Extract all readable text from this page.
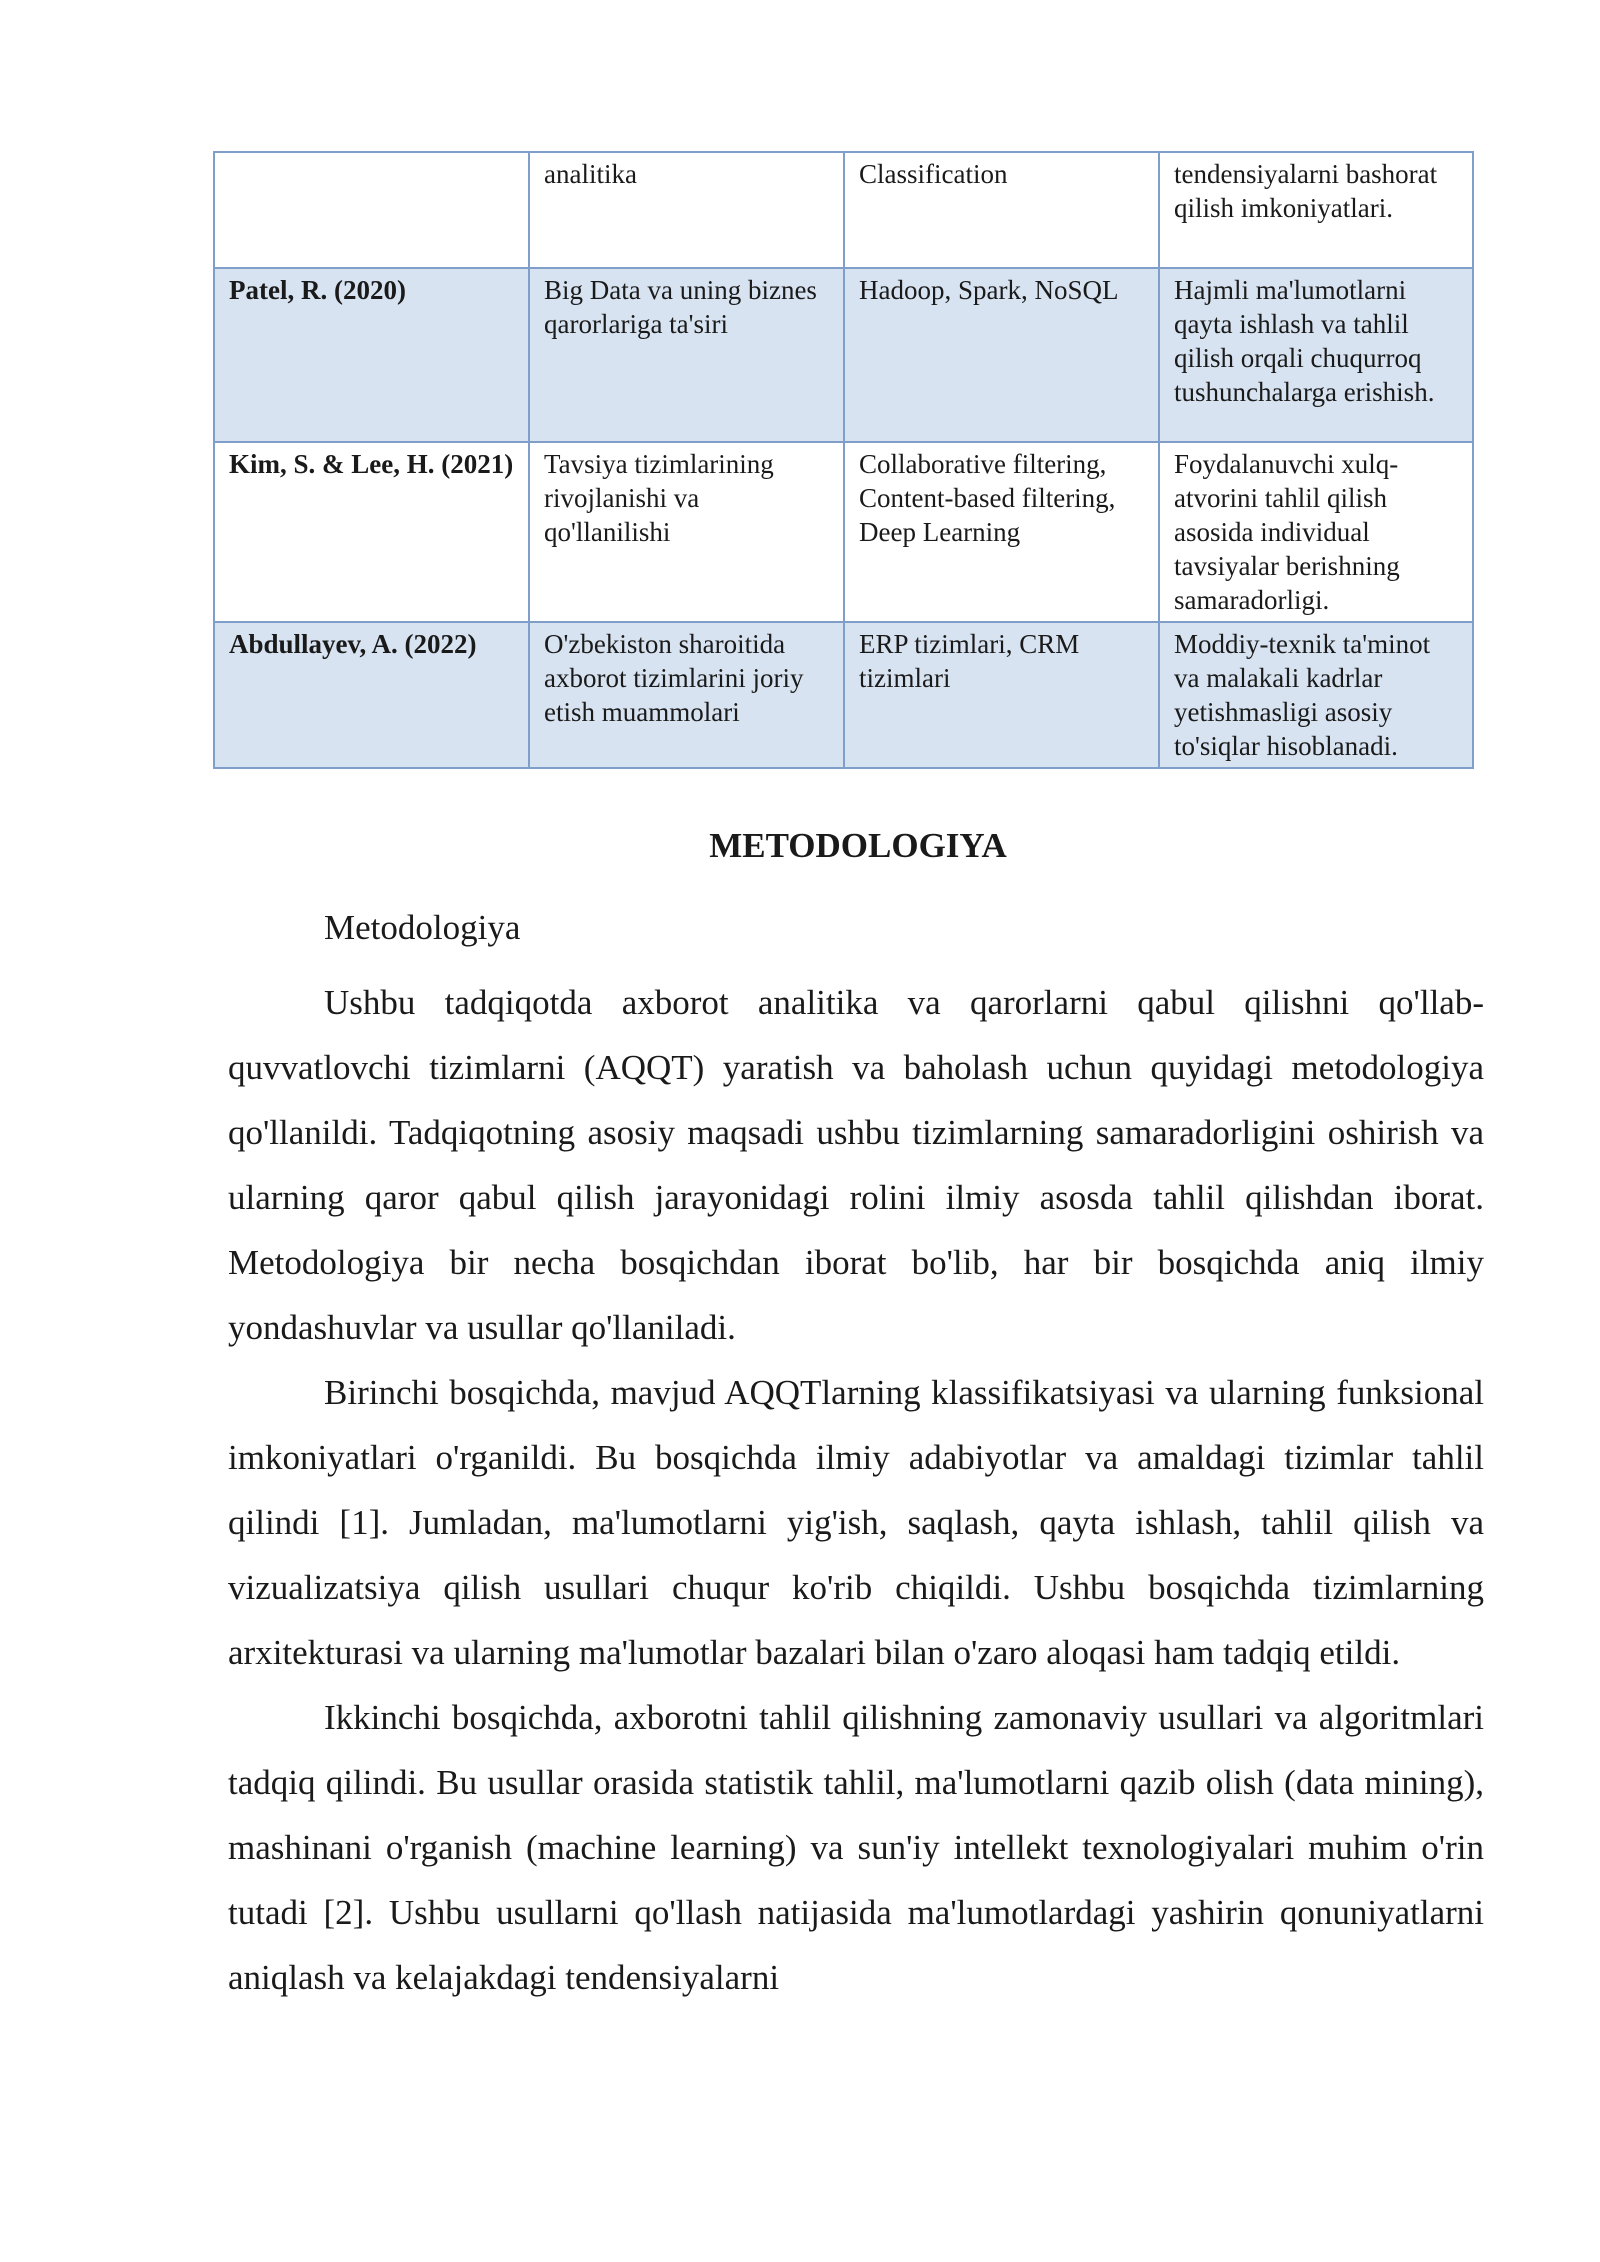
	analitika	Classification	tendensiyalarni bashorat qilish imkoniyatlari.
Patel, R. (2020)	Big Data va uning biznes qarorlariga ta'siri	Hadoop, Spark, NoSQL	Hajmli ma'lumotlarni qayta ishlash va tahlil qilish orqali chuqurroq tushunchalarga erishish.
Kim, S. & Lee, H. (2021)	Tavsiya tizimlarining rivojlanishi va qo'llanilishi	Collaborative filtering, Content-based filtering, Deep Learning	Foydalanuvchi xulq-atvorini tahlil qilish asosida individual tavsiyalar berishning samaradorligi.
Abdullayev, A. (2022)	O'zbekiston sharoitida axborot tizimlarini joriy etish muammolari	ERP tizimlari, CRM tizimlari	Moddiy-texnik ta'minot va malakali kadrlar yetishmasligi asosiy to'siqlar hisoblanadi.
METODOLOGIYA

Metodologiya

Ushbu tadqiqotda axborot analitika va qarorlarni qabul qilishni qo'llab-quvvatlovchi tizimlarni (AQQT) yaratish va baholash uchun quyidagi metodologiya qo'llanildi. Tadqiqotning asosiy maqsadi ushbu tizimlarning samaradorligini oshirish va ularning qaror qabul qilish jarayonidagi rolini ilmiy asosda tahlil qilishdan iborat. Metodologiya bir necha bosqichdan iborat bo'lib, har bir bosqichda aniq ilmiy yondashuvlar va usullar qo'llaniladi.

Birinchi bosqichda, mavjud AQQTlarning klassifikatsiyasi va ularning funksional imkoniyatlari o'rganildi. Bu bosqichda ilmiy adabiyotlar va amaldagi tizimlar tahlil qilindi [1]. Jumladan, ma'lumotlarni yig'ish, saqlash, qayta ishlash, tahlil qilish va vizualizatsiya qilish usullari chuqur ko'rib chiqildi. Ushbu bosqichda tizimlarning arxitekturasi va ularning ma'lumotlar bazalari bilan o'zaro aloqasi ham tadqiq etildi.

Ikkinchi bosqichda, axborotni tahlil qilishning zamonaviy usullari va algoritmlari tadqiq qilindi. Bu usullar orasida statistik tahlil, ma'lumotlarni qazib olish (data mining), mashinani o'rganish (machine learning) va sun'iy intellekt texnologiyalari muhim o'rin tutadi [2]. Ushbu usullarni qo'llash natijasida ma'lumotlardagi yashirin qonuniyatlarni aniqlash va kelajakdagi tendensiyalarni
